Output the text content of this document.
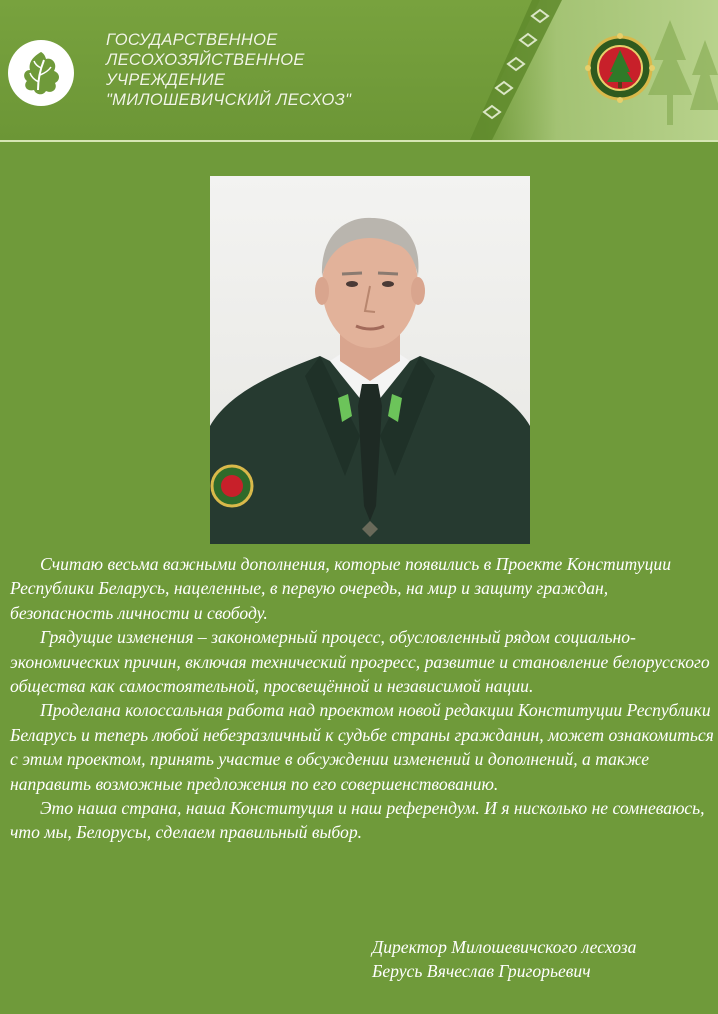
ГОСУДАРСТВЕННОЕ
ЛЕСОХОЗЯЙСТВЕННОЕ
УЧРЕЖДЕНИЕ
"МИЛОШЕВИЧСКИЙ ЛЕСХОЗ"

Считаю весьма важными дополнения, которые появились в Проекте Конституции Республики Беларусь, нацеленные, в первую очередь, на мир и защиту граждан, безопасность личности и свободу.

Грядущие изменения – закономерный процесс, обусловленный рядом социально-экономических причин, включая технический прогресс, развитие и становление белорусского общества как самостоятельной, просвещённой и независимой нации.

Проделана колоссальная работа над проектом новой редакции Конституции Республики Беларусь и теперь любой небезразличный к судьбе страны гражданин, может ознакомиться с этим проектом, принять участие в обсуждении изменений и дополнений, а также направить возможные предложения по его совершенствованию.

Это наша страна, наша Конституция и наш референдум. И я нисколько не сомневаюсь, что мы, Белорусы, сделаем правильный выбор.

Директор Милошевичского лесхоза
Берусь Вячеслав Григорьевич
